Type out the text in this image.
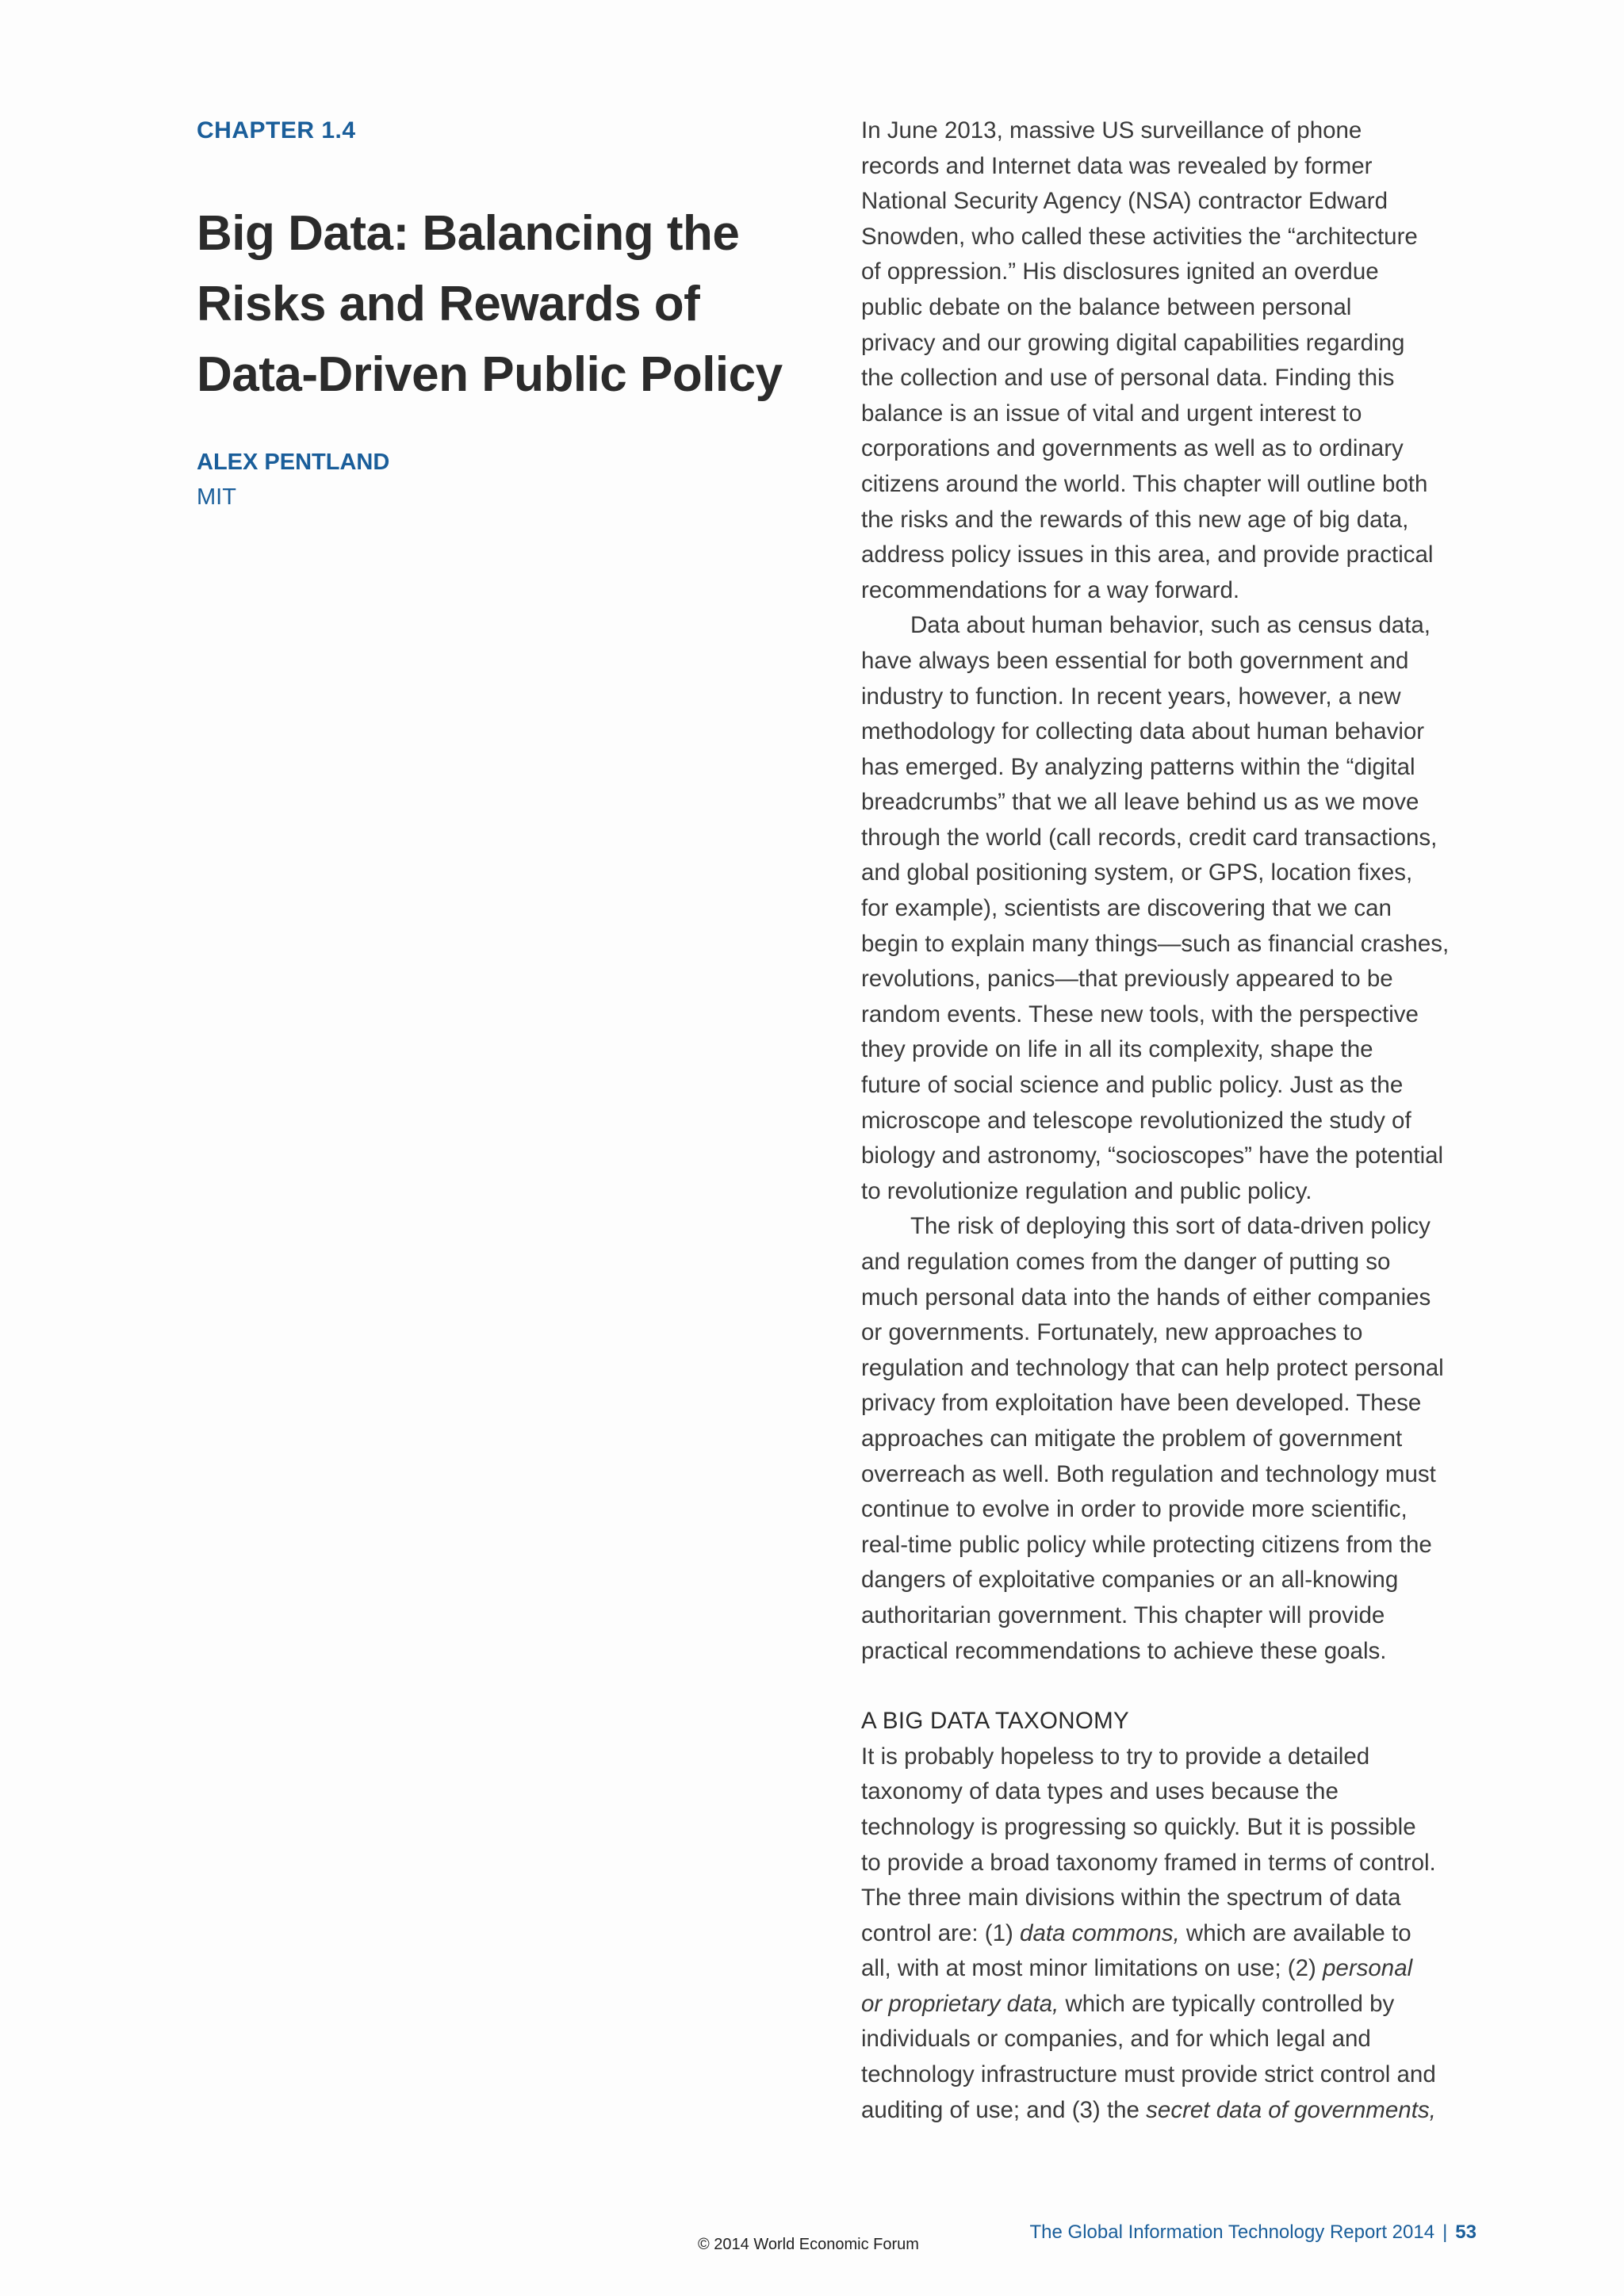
CHAPTER 1.4

Big Data: Balancing the
Risks and Rewards of
Data-Driven Public Policy

ALEX PENTLAND

MIT

In June 2013, massive US surveillance of phone
records and Internet data was revealed by former
National Security Agency (NSA) contractor Edward
Snowden, who called these activities the “architecture
of oppression.” His disclosures ignited an overdue
public debate on the balance between personal
privacy and our growing digital capabilities regarding
the collection and use of personal data. Finding this
balance is an issue of vital and urgent interest to
corporations and governments as well as to ordinary
citizens around the world. This chapter will outline both
the risks and the rewards of this new age of big data,
address policy issues in this area, and provide practical
recommendations for a way forward.

Data about human behavior, such as census data,
have always been essential for both government and
industry to function. In recent years, however, a new
methodology for collecting data about human behavior
has emerged. By analyzing patterns within the “digital
breadcrumbs” that we all leave behind us as we move
through the world (call records, credit card transactions,
and global positioning system, or GPS, location fixes,
for example), scientists are discovering that we can
begin to explain many things—such as financial crashes,
revolutions, panics—that previously appeared to be
random events. These new tools, with the perspective
they provide on life in all its complexity, shape the
future of social science and public policy. Just as the
microscope and telescope revolutionized the study of
biology and astronomy, “socioscopes” have the potential
to revolutionize regulation and public policy.

The risk of deploying this sort of data-driven policy
and regulation comes from the danger of putting so
much personal data into the hands of either companies
or governments. Fortunately, new approaches to
regulation and technology that can help protect personal
privacy from exploitation have been developed. These
approaches can mitigate the problem of government
overreach as well. Both regulation and technology must
continue to evolve in order to provide more scientific,
real-time public policy while protecting citizens from the
dangers of exploitative companies or an all-knowing
authoritarian government. This chapter will provide
practical recommendations to achieve these goals.

A BIG DATA TAXONOMY

It is probably hopeless to try to provide a detailed
taxonomy of data types and uses because the
technology is progressing so quickly. But it is possible
to provide a broad taxonomy framed in terms of control.
The three main divisions within the spectrum of data
control are: (1) data commons, which are available to
all, with at most minor limitations on use; (2) personal
or proprietary data, which are typically controlled by
individuals or companies, and for which legal and
technology infrastructure must provide strict control and
auditing of use; and (3) the secret data of governments,

The Global Information Technology Report 2014 | 53
© 2014 World Economic Forum
